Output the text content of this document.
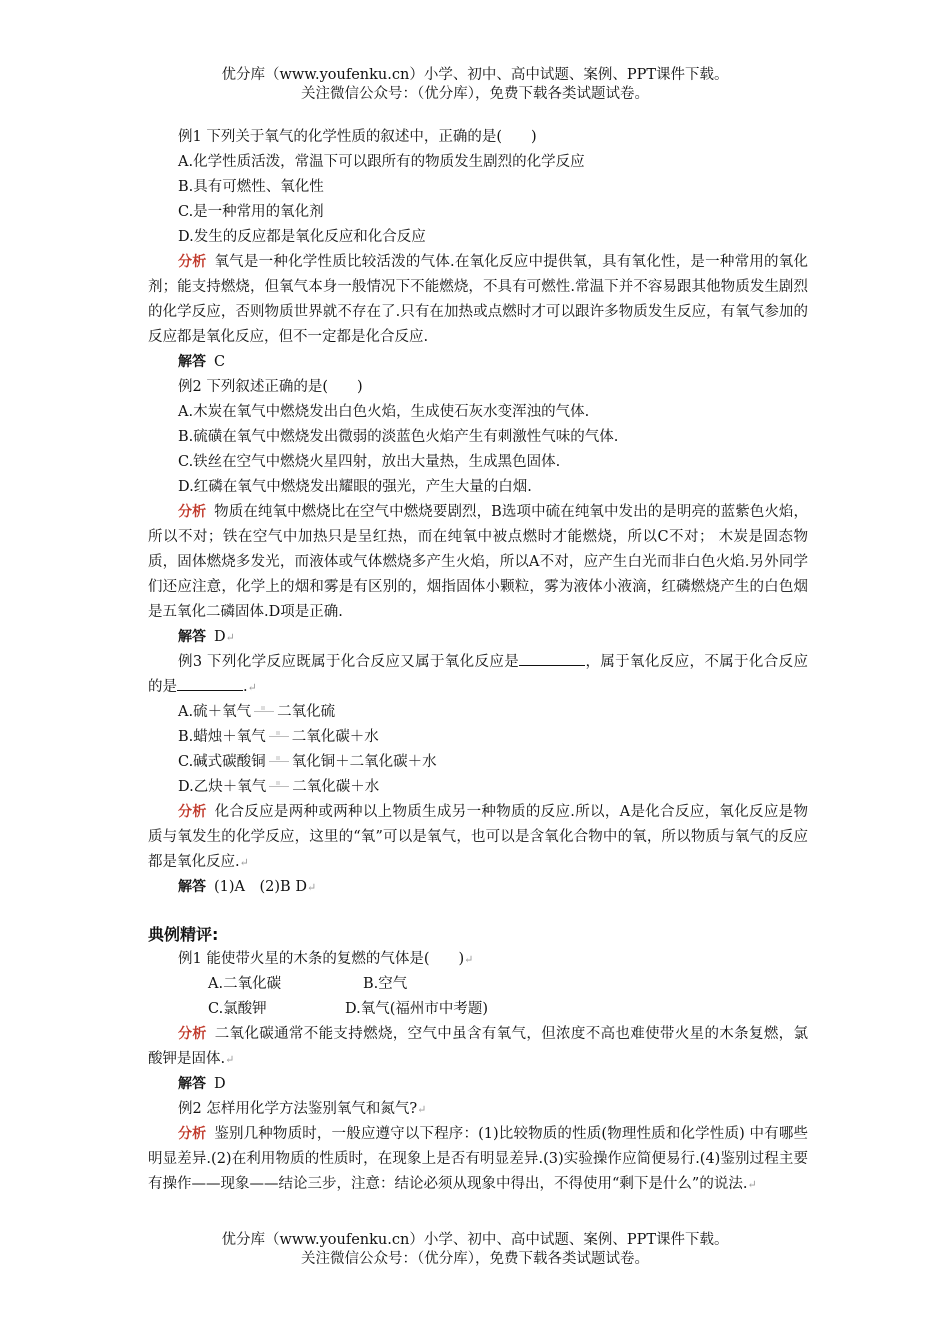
优分库（www.youfenku.cn）小学、初中、高中试题、案例、PPT课件下载。
关注微信公众号：（优分库），免费下载各类试题试卷。

例1 下列关于氧气的化学性质的叙述中，正确的是(　　)

A.化学性质活泼，常温下可以跟所有的物质发生剧烈的化学反应

B.具有可燃性、氧化性

C.是一种常用的氧化剂

D.发生的反应都是氧化反应和化合反应

分析 氧气是一种化学性质比较活泼的气体.在氧化反应中提供氧，具有氧化性，是一种常用的氧化剂；能支持燃烧，但氧气本身一般情况下不能燃烧，不具有可燃性.常温下并不容易跟其他物质发生剧烈的化学反应，否则物质世界就不存在了.只有在加热或点燃时才可以跟许多物质发生反应，有氧气参加的反应都是氧化反应，但不一定都是化合反应.

解答 C

例2 下列叙述正确的是(　　)

A.木炭在氧气中燃烧发出白色火焰，生成使石灰水变浑浊的气体.

B.硫磺在氧气中燃烧发出微弱的淡蓝色火焰产生有刺激性气味的气体.

C.铁丝在空气中燃烧火星四射，放出大量热，生成黑色固体.

D.红磷在氧气中燃烧发出耀眼的强光，产生大量的白烟.

分析 物质在纯氧中燃烧比在空气中燃烧要剧烈，B选项中硫在纯氧中发出的是明亮的蓝紫色火焰，所以不对；铁在空气中加热只是呈红热，而在纯氧中被点燃时才能燃烧，所以C不对； 木炭是固态物质，固体燃烧多发光，而液体或气体燃烧多产生火焰，所以A不对，应产生白光而非白色火焰.另外同学们还应注意，化学上的烟和雾是有区别的，烟指固体小颗粒，雾为液体小液滴，红磷燃烧产生的白色烟是五氧化二磷固体.D项是正确.

解答 D↵

例3 下列化学反应既属于化合反应又属于氧化反应是	，属于氧化反应，不属于化合反应的是	.↵

A.硫＋氧气 二氧化硫

B.蜡烛＋氧气 二氧化碳＋水

C.碱式碳酸铜 氧化铜＋二氧化碳＋水

D.乙炔＋氧气 二氧化碳＋水

分析 化合反应是两种或两种以上物质生成另一种物质的反应.所以，A是化合反应，氧化反应是物质与氧发生的化学反应，这里的“氧”可以是氧气，也可以是含氧化合物中的氧，所以物质与氧气的反应都是氧化反应.↵

解答 (1)A　(2)B D↵

典例精评:

例1 能使带火星的木条的复燃的气体是(　　)↵

A.二氧化碳	B.空气

C.氯酸钾	D.氧气(福州市中考题)

分析 二氧化碳通常不能支持燃烧，空气中虽含有氧气，但浓度不高也难使带火星的木条复燃，氯酸钾是固体.↵

解答 D

例2 怎样用化学方法鉴别氧气和氮气?↵

分析 鉴别几种物质时，一般应遵守以下程序：(1)比较物质的性质(物理性质和化学性质) 中有哪些明显差异.(2)在利用物质的性质时，在现象上是否有明显差异.(3)实验操作应简便易行.(4)鉴别过程主要有操作——现象——结论三步，注意：结论必须从现象中得出，不得使用“剩下是什么”的说法.↵

优分库（www.youfenku.cn）小学、初中、高中试题、案例、PPT课件下载。
关注微信公众号：（优分库），免费下载各类试题试卷。
